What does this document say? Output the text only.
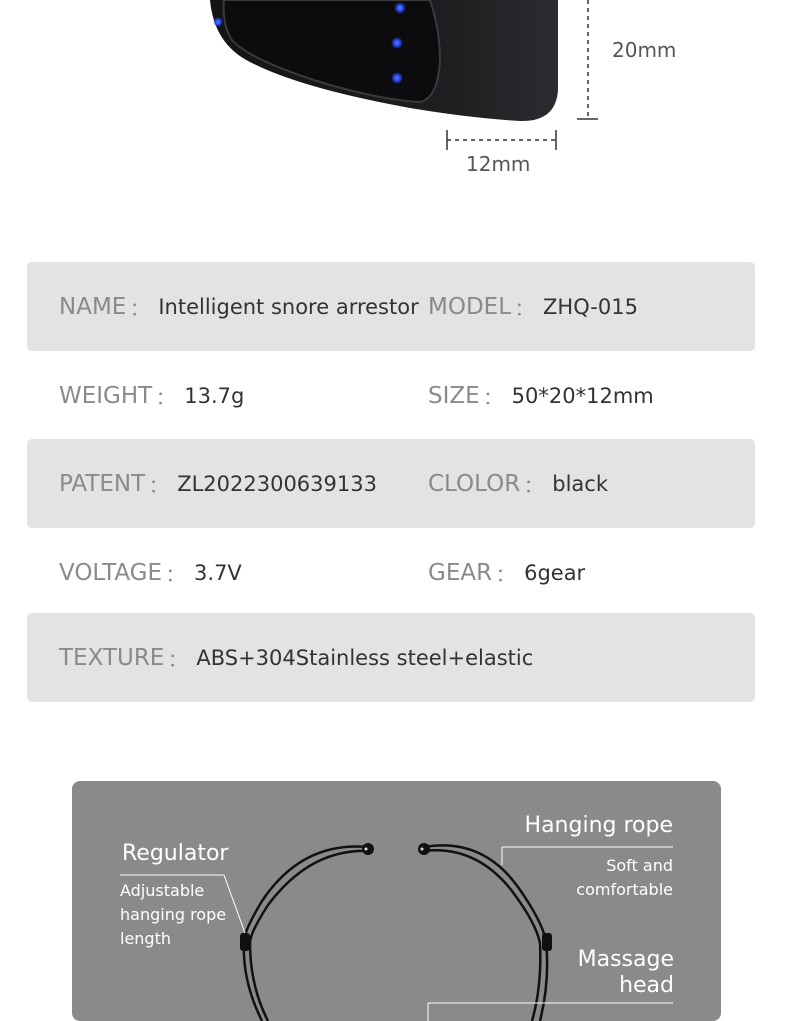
20mm
12mm
NAME ： Intelligent snore arrestor MODEL ： ZHQ-015
WEIGHT ： 13.7g	SIZE ： 50*20*12mm
PATENT ： ZL2022300639133 CLOLOR ： black
VOLTAGE ： 3.7V	GEAR ： 6gear
TEXTURE ： ABS+304Stainless steel+elastic
Regulator
Adjustable
hanging rope
length
Hanging rope
Soft and
comfortable
Massage
head
